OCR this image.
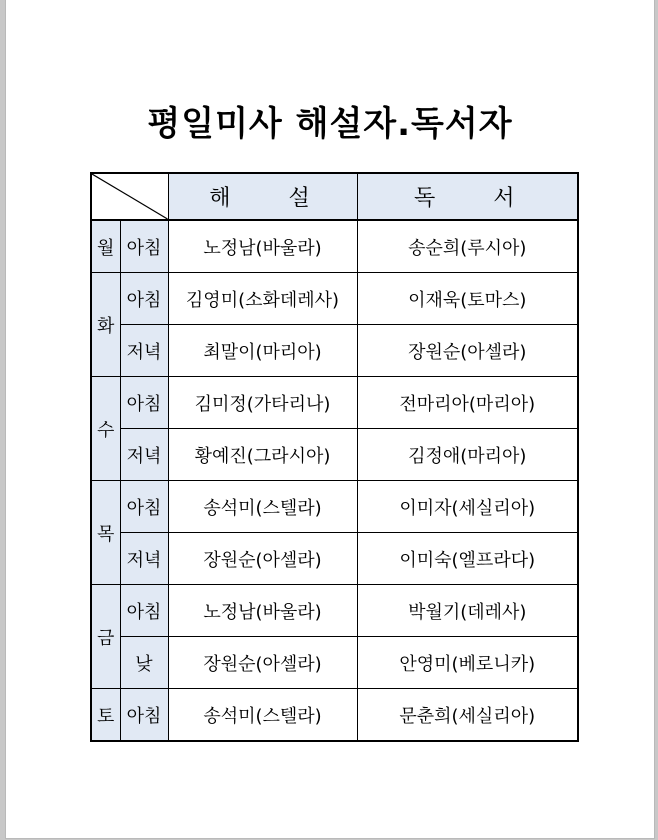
평일미사 해설자.독서자
	해    설	독    서
월	아침	노정남(바울라)	송순희(루시아)
화	아침	김영미(소화데레사)	이재욱(토마스)
	저녁	최말이(마리아)	장원순(아셀라)
수	아침	김미정(가타리나)	전마리아(마리아)
	저녁	황예진(그라시아)	김정애(마리아)
목	아침	송석미(스텔라)	이미자(세실리아)
	저녁	장원순(아셀라)	이미숙(엘프라다)
금	아침	노정남(바울라)	박월기(데레사)
	낮	장원순(아셀라)	안영미(베로니카)
토	아침	송석미(스텔라)	문춘희(세실리아)
